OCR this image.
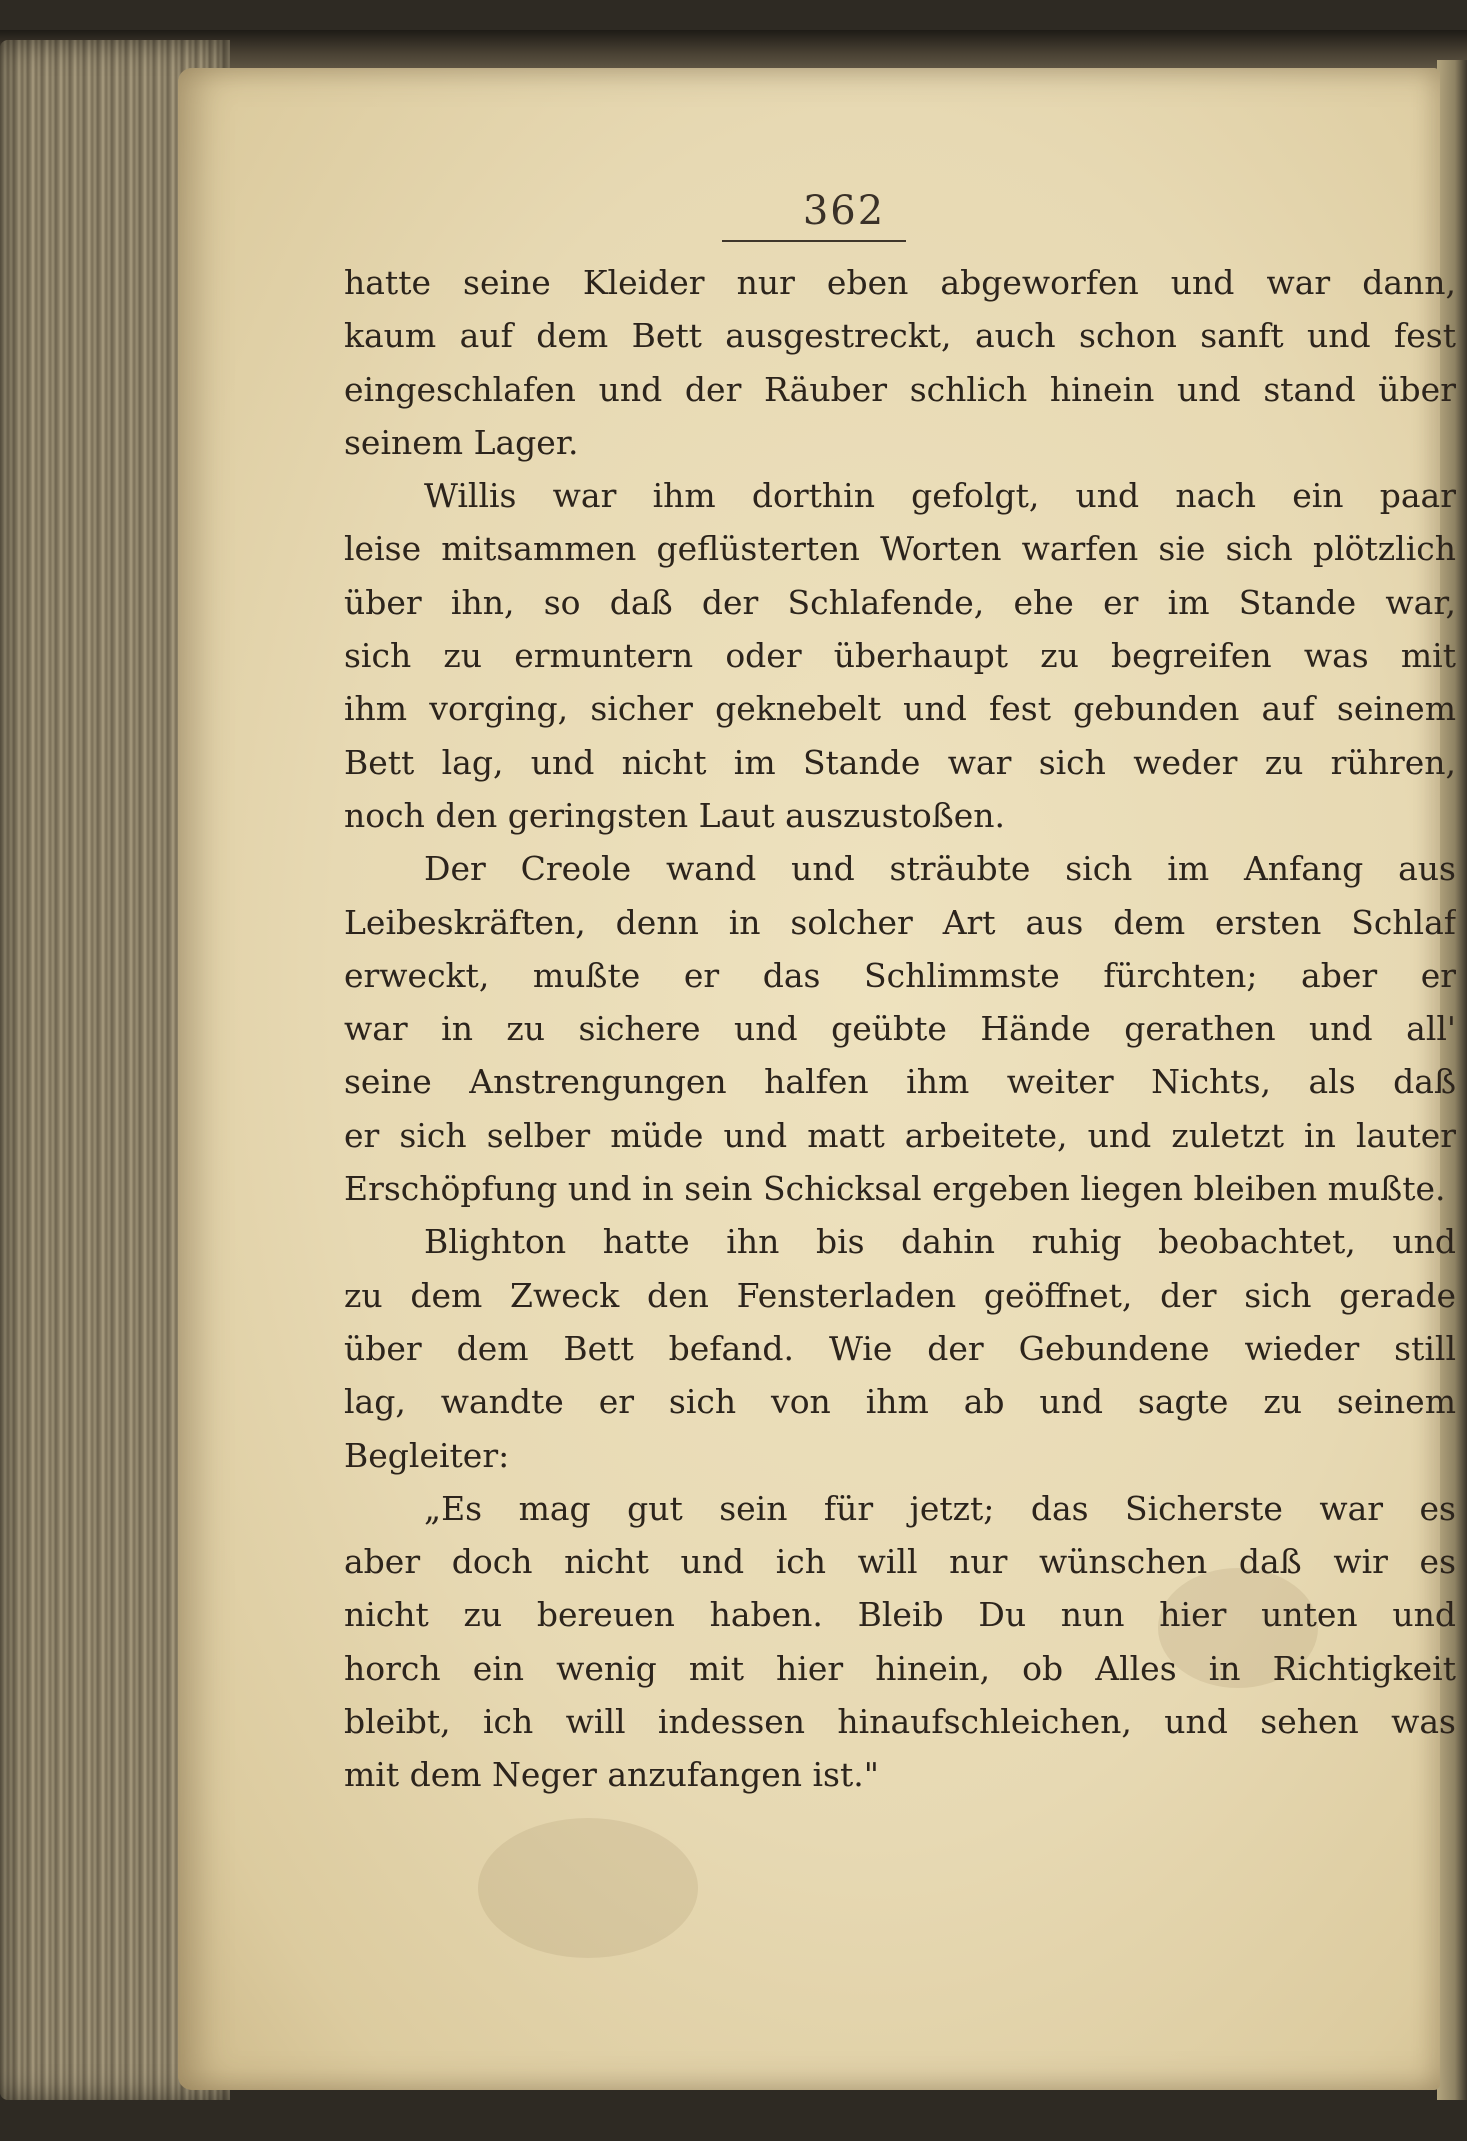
362
hatte seine Kleider nur eben abgeworfen und war dann,
kaum auf dem Bett ausgestreckt, auch schon sanft und fest
eingeschlafen und der Räuber schlich hinein und stand über
seinem Lager.
Willis war ihm dorthin gefolgt, und nach ein paar
leise mitsammen geflüsterten Worten warfen sie sich plötzlich
über ihn, so daß der Schlafende, ehe er im Stande war,
sich zu ermuntern oder überhaupt zu begreifen was mit
ihm vorging, sicher geknebelt und fest gebunden auf seinem
Bett lag, und nicht im Stande war sich weder zu rühren,
noch den geringsten Laut auszustoßen.
Der Creole wand und sträubte sich im Anfang aus
Leibeskräften, denn in solcher Art aus dem ersten Schlaf
erweckt, mußte er das Schlimmste fürchten; aber er
war in zu sichere und geübte Hände gerathen und all'
seine Anstrengungen halfen ihm weiter Nichts, als daß
er sich selber müde und matt arbeitete, und zuletzt in lauter
Erschöpfung und in sein Schicksal ergeben liegen bleiben mußte.
Blighton hatte ihn bis dahin ruhig beobachtet, und
zu dem Zweck den Fensterladen geöffnet, der sich gerade
über dem Bett befand. Wie der Gebundene wieder still
lag, wandte er sich von ihm ab und sagte zu seinem
Begleiter:
„Es mag gut sein für jetzt; das Sicherste war es
aber doch nicht und ich will nur wünschen daß wir es
nicht zu bereuen haben. Bleib Du nun hier unten und
horch ein wenig mit hier hinein, ob Alles in Richtigkeit
bleibt, ich will indessen hinaufschleichen, und sehen was
mit dem Neger anzufangen ist."
